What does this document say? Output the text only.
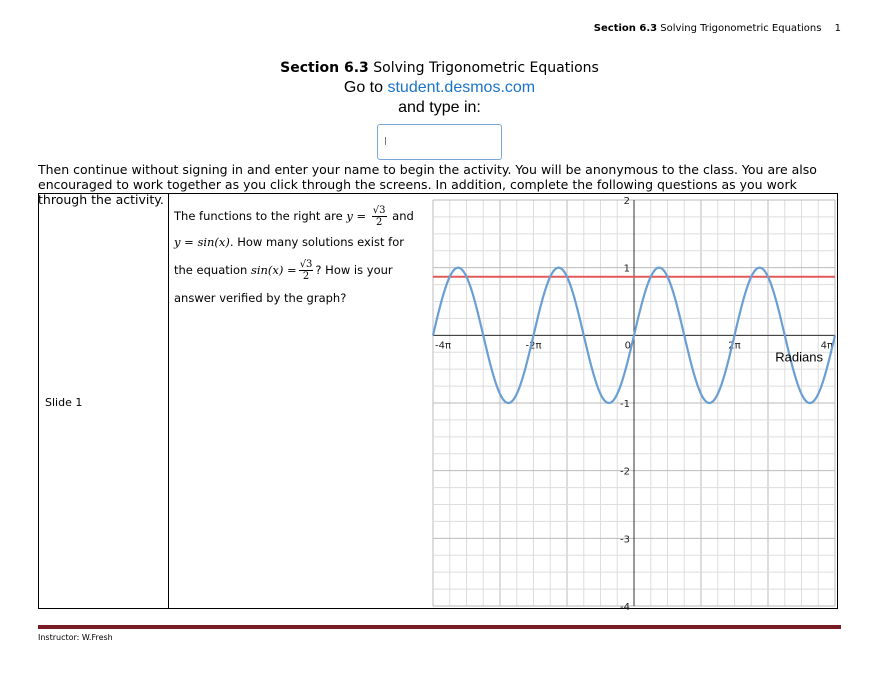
Section 6.3 Solving Trigonometric Equations 1
Section 6.3 Solving Trigonometric Equations
Go to student.desmos.com
and type in:
Then continue without signing in and enter your name to begin the activity. You will be anonymous to the class. You are also encouraged to work together as you click through the screens. In addition, complete the following questions as you work through the activity.
Slide 1
The functions to the right are $y = \frac{√3}{2}$ and
y = sin(x). How many solutions exist for
the equation $\sin(x) = \frac{√3}{2}$ ? How is your
answer verified by the graph?
-4π	-2π	0	2π	4π
2
1
-1
-2
-3
-4
Radians
Instructor: W.Fresh
